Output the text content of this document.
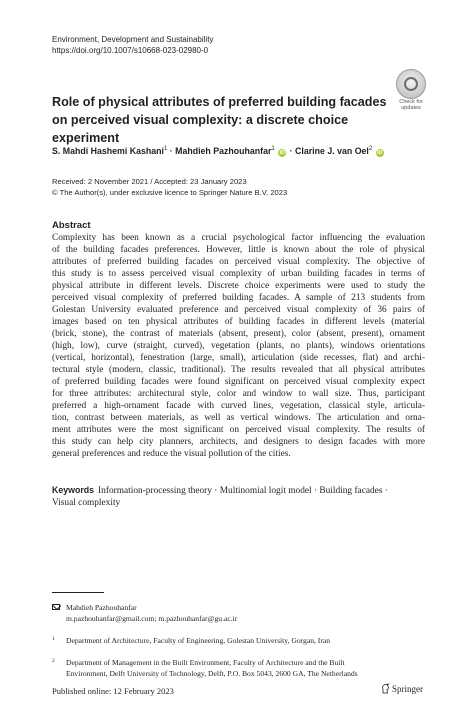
Environment, Development and Sustainability
https://doi.org/10.1007/s10668-023-02980-0
Check for
updates
Role of physical attributes of preferred building facades
on perceived visual complexity: a discrete choice experiment
S. Mahdi Hashemi Kashani$^1$ · Mahdieh Pazhouhanfar$^1$ iD · Clarine J. van Oel$^2$ iD
Received: 2 November 2021 / Accepted: 23 January 2023
© The Author(s), under exclusive licence to Springer Nature B.V. 2023
Abstract
Complexity has been known as a crucial psychological factor influencing the evaluation
of the building facades preferences. However, little is known about the role of physical
attributes of preferred building facades on perceived visual complexity. The objective of
this study is to assess perceived visual complexity of urban building facades in terms of
physical attribute in different levels. Discrete choice experiments were used to study the
perceived visual complexity of preferred building facades. A sample of 213 students from
Golestan University evaluated preference and perceived visual complexity of 36 pairs of
images based on ten physical attributes of building facades in different levels (material
(brick, stone), the contrast of materials (absent, present), color (absent, present), ornament
(high, low), curve (straight, curved), vegetation (plants, no plants), windows orientations
(vertical, horizontal), fenestration (large, small), articulation (side recesses, flat) and archi-
tectural style (modern, classic, traditional). The results revealed that all physical attributes
of preferred building facades were found significant on perceived visual complexity expect
for three attributes: architectural style, color and window to wall size. Thus, participant
preferred a high-ornament facade with curved lines, vegetation, classical style, articula-
tion, contrast between materials, as well as vertical windows. The articulation and orna-
ment attributes were the most significant on perceived visual complexity. The results of
this study can help city planners, architects, and designers to design facades with more
general preferences and reduce the visual pollution of the cities.
Keywords Information-processing theory · Multinomial logit model · Building facades ·
Visual complexity
Mahdieh Pazhouhanfar
m.pazhouhanfar@gmail.com; m.pazhouhanfar@gu.ac.ir
1 Department of Architecture, Faculty of Engineering, Golestan University, Gorgan, Iran
2 Department of Management in the Built Environment, Faculty of Architecture and the Built
Environment, Delft University of Technology, Delft, P.O. Box 5043, 2600 GA, The Netherlands
Published online: 12 February 2023	Springer
